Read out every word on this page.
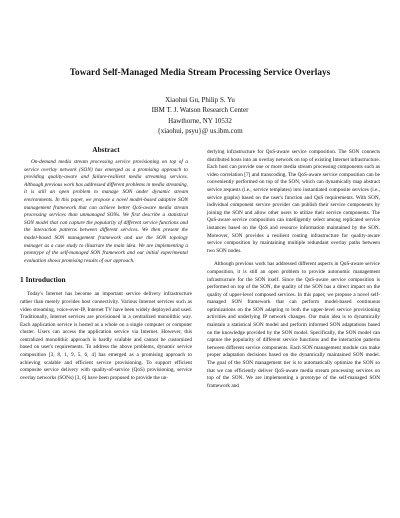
Toward Self-Managed Media Stream Processing Service Overlays
Xiaohui Gu, Philip S. Yu
IBM T. J. Watson Research Center
Hawthorne, NY 10532
{xiaohui, psyu}@ us.ibm.com
Abstract

On-demand media stream processing service provisioning on top of a service overlay network (SON) has emerged as a promising approach to providing quality-aware and failure-resilient media streaming services. Although previous work has addressed different problems in media streaming, it is still an open problem to manage SON under dynamic stream environments. In this paper, we propose a novel model-based adaptive SON management framework that can achieve better QoS-aware media stream processing services than unmanaged SONs. We first describe a statistical SON model that can capture the popularity of different service functions and the interaction patterns between different services. We then present the model-based SON management framework and use the SON topology manager as a case study to illustrate the main idea. We are implementing a prototype of the self-managed SON framework and our initial experimental evaluation shows promising results of our approach.

1 Introduction

Today's Internet has become an important service delivery infrastructure rather than merely provides host connectivity. Various Internet services such as video streaming, voice-over-IP, Internet TV have been widely deployed and used. Traditionally, Internet services are provisioned in a centralized monolithic way. Each application service is hosted as a whole on a single computer or computer cluster. Users can access the application service via Internet. However, this centralized monolithic approach is hardly scalable and cannot be customized based on user's requirements. To address the above problems, dynamic service composition [3, 8, 1, 9, 5, 6, 4] has emerged as a promising approach to achieving scalable and efficient service provisioning. To support efficient composite service delivery with quality-of-service (QoS) provisioning, service overlay networks (SONs) [3, 6] have been proposed to provide the un-

derlying infrastructure for QoS-aware service composition. The SON connects distributed hosts into an overlay network on top of existing Internet infrastructure. Each host can provide one or more media stream processing components such as video correlation [7] and transcoding. The QoS-aware service composition can be conveniently performed on top of the SON, which can dynamically map abstract service requests (i.e., service templates) into instantiated composite services (i.e., service graphs) based on the user's function and QoS requirements. With SON, individual component service provider can publish their service components by joining the SON and allow other users to utilize their service components. The QoS-aware service composition can intelligently select among replicated service instances based on the QoS and resource information maintained by the SON. Moreover, SON provides a resilient routing infrastructure for quality-aware service composition by maintaining multiple redundant overlay paths between two SON nodes.

Although previous work has addressed different aspects in QoS-aware service composition, it is still an open problem to provide autonomic management infrastructure for the SON itself. Since the QoS-aware service composition is performed on top of the SON, the quality of the SON has a direct impact on the quality of upper-level composed services. In this paper, we propose a novel self-managed SON framework that can perform model-based continuous optimizations on the SON adapting to both the upper-level service provisioning activities and underlying IP network changes. Our main idea is to dynamically maintain a statistical SON model and perform informed SON adaptations based on the knowledge provided by the SON model. Specifically, the SON model can capture the popularity of different service functions and the interaction patterns between different service components. Each SON management module can make proper adaptation decisions based on the dynamically maintained SON model. The goal of the SON management tier is to automatically optimize the SON so that we can efficiently deliver QoS-aware media stream processing services on top of the SON. We are implementing a prototype of the self-managed SON framework and
